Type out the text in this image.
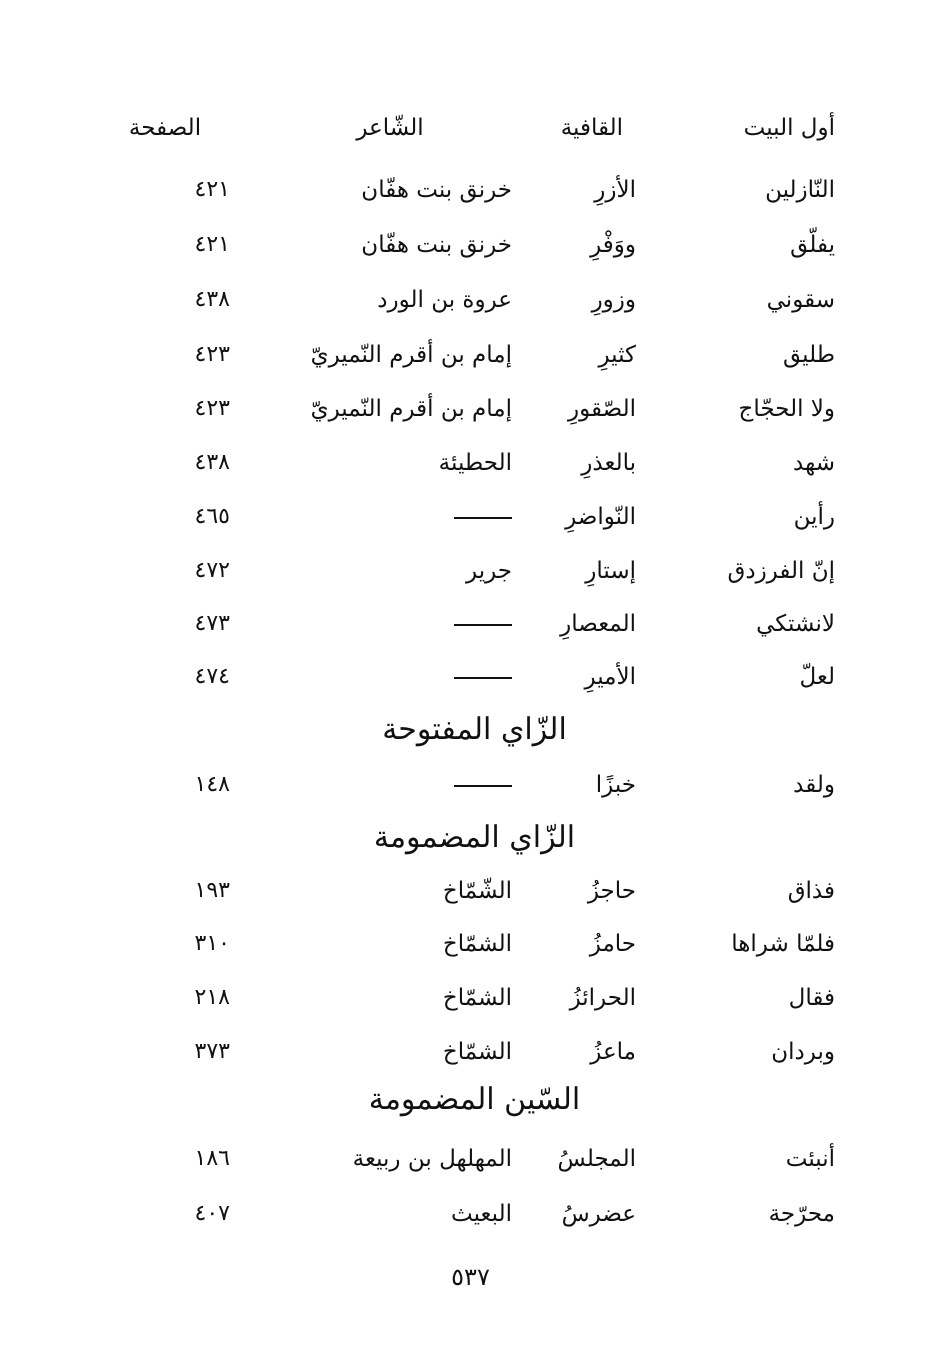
أول البيت
القافية
الشّاعر
الصفحة
النّازلين
الأزرِ
خرنق بنت هفّان
٤٢١
يفلّق
ووَفْرِ
خرنق بنت هفّان
٤٢١
سقوني
وزورِ
عروة بن الورد
٤٣٨
طليق
كثيرِ
إمام بن أقرم النّميريّ
٤٢٣
ولا الحجّاج
الصّقورِ
إمام بن أقرم النّميريّ
٤٢٣
شهد
بالعذرِ
الحطيئة
٤٣٨
رأين
النّواضرِ
٤٦٥
إنّ الفرزدق
إستارِ
جرير
٤٧٢
لانشتكي
المعصارِ
٤٧٣
لعلّ
الأميرِ
٤٧٤
الزّاي المفتوحة
ولقد
خبزًا
١٤٨
الزّاي المضمومة
فذاق
حاجزُ
الشّمّاخ
١٩٣
فلمّا شراها
حامزُ
الشمّاخ
٣١٠
فقال
الحرائزُ
الشمّاخ
٢١٨
وبردان
ماعزُ
الشمّاخ
٣٧٣
السّين المضمومة
أنبئت
المجلسُ
المهلهل بن ربيعة
١٨٦
محرّجة
عضرسُ
البعيث
٤٠٧
٥٣٧
